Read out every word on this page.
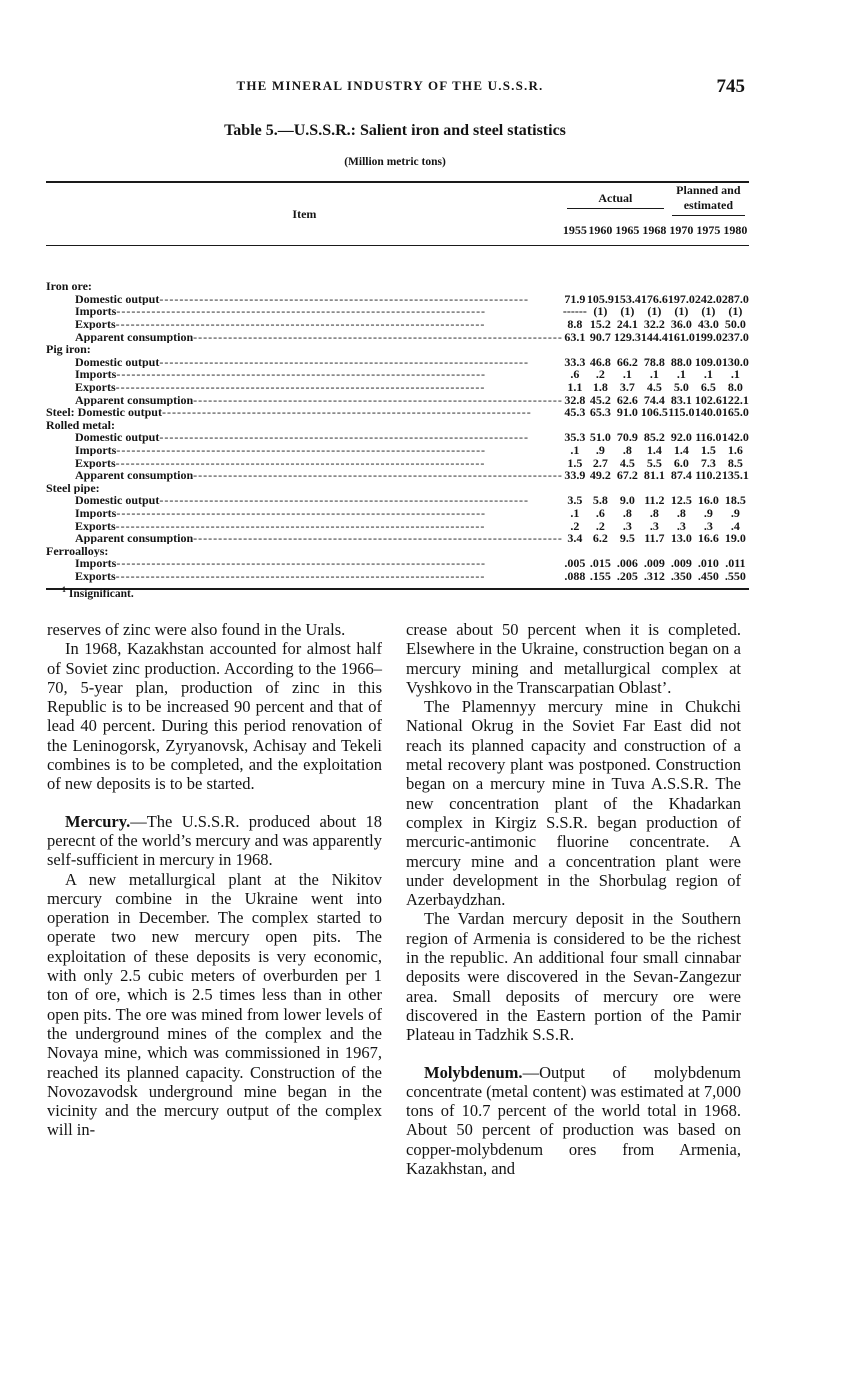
THE MINERAL INDUSTRY OF THE U.S.S.R.	745
Table 5.—U.S.S.R.: Salient iron and steel statistics
(Million metric tons)
Item	Actual				Planned and estimated		

	1955	1960	1965	1968	1970	1975	1980
Iron ore:							
Domestic output -----	71.9	105.9	153.4	176.6	197.0	242.0	287.0
Imports -----	------	(1)	(1)	(1)	(1)	(1)	(1)
Exports -----	8.8	15.2	24.1	32.2	36.0	43.0	50.0
Apparent consumption -----	63.1	90.7	129.3	144.4	161.0	199.0	237.0
Pig iron:							
Domestic output -----	33.3	46.8	66.2	78.8	88.0	109.0	130.0
Imports -----	.6	.2	.1	.1	.1	.1	.1
Exports -----	1.1	1.8	3.7	4.5	5.0	6.5	8.0
Apparent consumption -----	32.8	45.2	62.6	74.4	83.1	102.6	122.1
Steel: Domestic output -----	45.3	65.3	91.0	106.5	115.0	140.0	165.0
Rolled metal:							
Domestic output -----	35.3	51.0	70.9	85.2	92.0	116.0	142.0
Imports -----	.1	.9	.8	1.4	1.4	1.5	1.6
Exports -----	1.5	2.7	4.5	5.5	6.0	7.3	8.5
Apparent consumption -----	33.9	49.2	67.2	81.1	87.4	110.2	135.1
Steel pipe:							
Domestic output -----	3.5	5.8	9.0	11.2	12.5	16.0	18.5
Imports -----	.1	.6	.8	.8	.8	.9	.9
Exports -----	.2	.2	.3	.3	.3	.3	.4
Apparent consumption -----	3.4	6.2	9.5	11.7	13.0	16.6	19.0
Ferroalloys:							
Imports -----	.005	.015	.006	.009	.009	.010	.011
Exports -----	.088	.155	.205	.312	.350	.450	.550
$^1$ Insignificant.

reserves of zinc were also found in the Urals.

In 1968, Kazakhstan accounted for almost half of Soviet zinc production. According to the 1966–70, 5-year plan, production of zinc in this Republic is to be increased 90 percent and that of lead 40 percent. During this period renovation of the Leninogorsk, Zyryanovsk, Achisay and Tekeli combines is to be completed, and the exploitation of new deposits is to be started.

Mercury.—The U.S.S.R. produced about 18 perecnt of the world’s mercury and was apparently self-sufficient in mercury in 1968.

A new metallurgical plant at the Nikitov mercury combine in the Ukraine went into operation in December. The complex started to operate two new mercury open pits. The exploitation of these deposits is very economic, with only 2.5 cubic meters of overburden per 1 ton of ore, which is 2.5 times less than in other open pits. The ore was mined from lower levels of the underground mines of the complex and the Novaya mine, which was commissioned in 1967, reached its planned capacity. Construction of the Novozavodsk underground mine began in the vicinity and the mercury output of the complex will in-

crease about 50 percent when it is completed. Elsewhere in the Ukraine, construction began on a mercury mining and metallurgical complex at Vyshkovo in the Transcarpatian Oblast’.

The Plamennyy mercury mine in Chukchi National Okrug in the Soviet Far East did not reach its planned capacity and construction of a metal recovery plant was postponed. Construction began on a mercury mine in Tuva A.S.S.R. The new concentration plant of the Khadarkan complex in Kirgiz S.S.R. began production of mercuric-antimonic fluorine concentrate. A mercury mine and a concentration plant were under development in the Shorbulag region of Azerbaydzhan.

The Vardan mercury deposit in the Southern region of Armenia is considered to be the richest in the republic. An additional four small cinnabar deposits were discovered in the Sevan-Zangezur area. Small deposits of mercury ore were discovered in the Eastern portion of the Pamir Plateau in Tadzhik S.S.R.

Molybdenum.—Output of molybdenum concentrate (metal content) was estimated at 7,000 tons of 10.7 percent of the world total in 1968. About 50 percent of production was based on copper-molybdenum ores from Armenia, Kazakhstan, and
